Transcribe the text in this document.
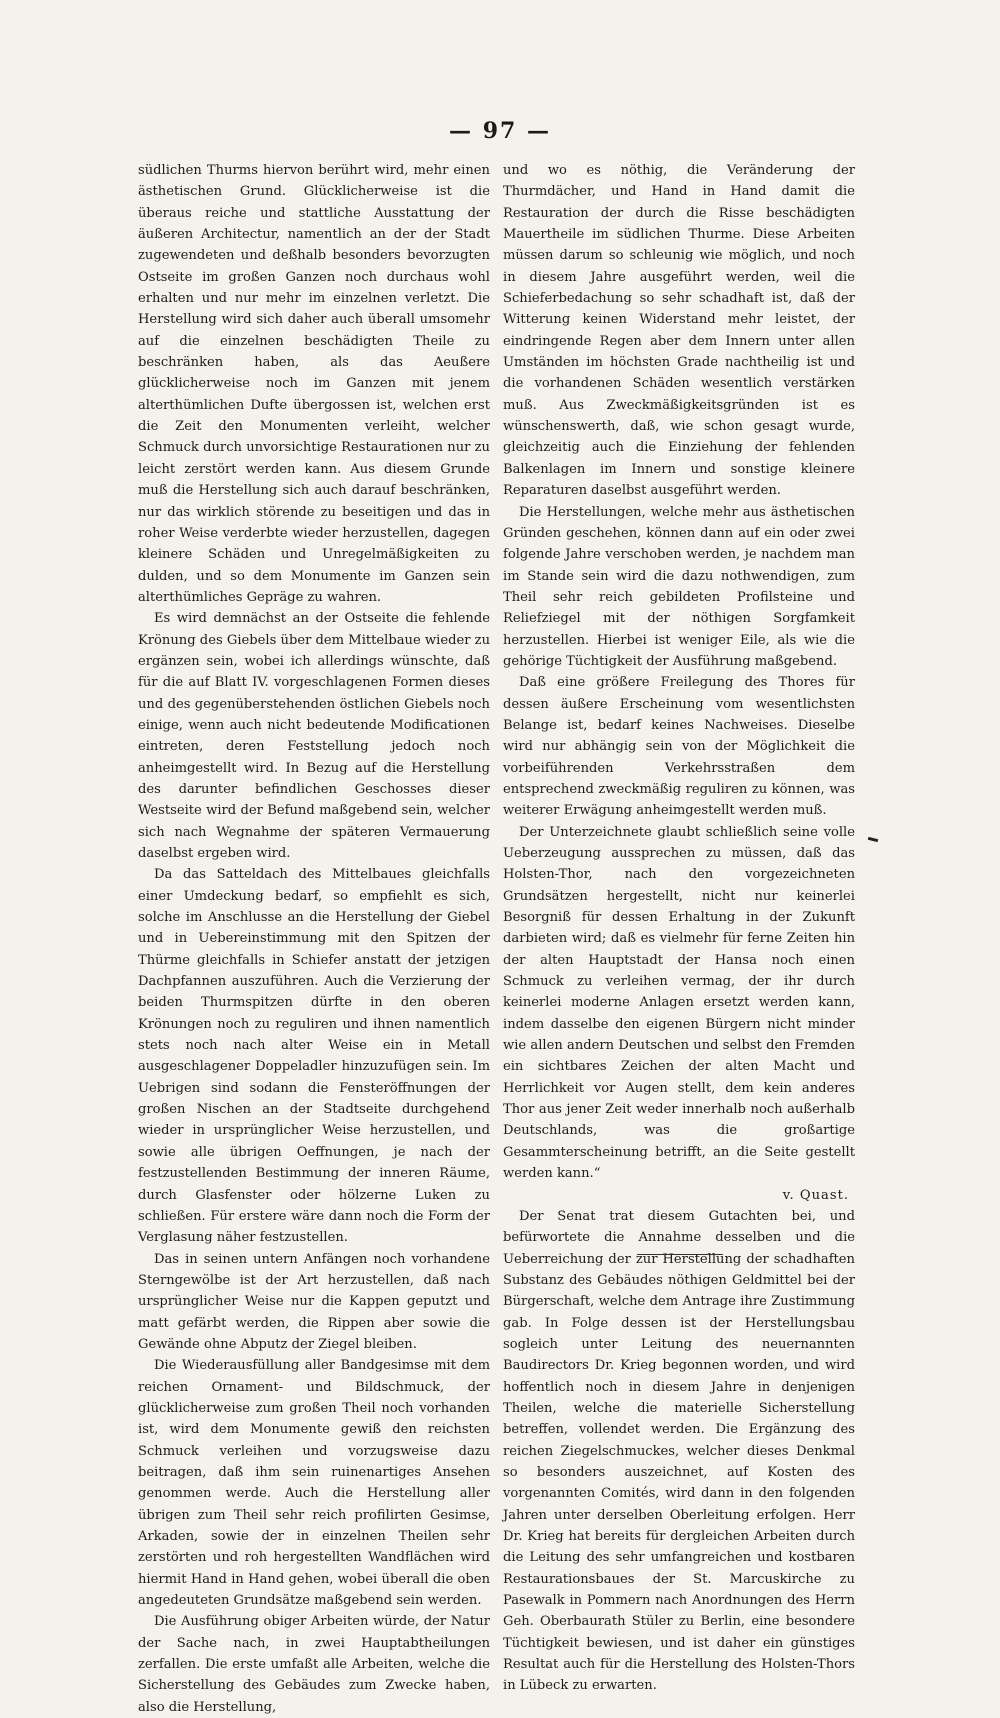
— 97 —

südlichen Thurms hiervon berührt wird, mehr einen ästhetischen Grund. Glücklicherweise ist die überaus reiche und stattliche Ausstattung der äußeren Architectur, namentlich an der der Stadt zugewendeten und deßhalb besonders bevorzugten Ostseite im großen Ganzen noch durchaus wohl erhalten und nur mehr im einzelnen verletzt. Die Herstellung wird sich daher auch überall umsomehr auf die einzelnen beschädigten Theile zu beschränken haben, als das Aeußere glücklicherweise noch im Ganzen mit jenem alterthümlichen Dufte übergossen ist, welchen erst die Zeit den Monumenten verleiht, welcher Schmuck durch unvorsichtige Restaurationen nur zu leicht zerstört werden kann. Aus diesem Grunde muß die Herstellung sich auch darauf beschränken, nur das wirklich störende zu beseitigen und das in roher Weise verderbte wieder herzustellen, dagegen kleinere Schäden und Unregelmäßigkeiten zu dulden, und so dem Monumente im Ganzen sein alterthümliches Gepräge zu wahren.

Es wird demnächst an der Ostseite die fehlende Krönung des Giebels über dem Mittelbaue wieder zu ergänzen sein, wobei ich allerdings wünschte, daß für die auf Blatt IV. vorgeschlagenen Formen dieses und des gegenüberstehenden östlichen Giebels noch einige, wenn auch nicht bedeutende Modificationen eintreten, deren Feststellung jedoch noch anheimgestellt wird. In Bezug auf die Herstellung des darunter befindlichen Geschosses dieser Westseite wird der Befund maßgebend sein, welcher sich nach Wegnahme der späteren Vermauerung daselbst ergeben wird.

Da das Satteldach des Mittelbaues gleichfalls einer Umdeckung bedarf, so empfiehlt es sich, solche im Anschlusse an die Herstellung der Giebel und in Uebereinstimmung mit den Spitzen der Thürme gleichfalls in Schiefer anstatt der jetzigen Dachpfannen auszuführen. Auch die Verzierung der beiden Thurmspitzen dürfte in den oberen Krönungen noch zu reguliren und ihnen namentlich stets noch nach alter Weise ein in Metall ausgeschlagener Doppeladler hinzuzufügen sein. Im Uebrigen sind sodann die Fensteröffnungen der großen Nischen an der Stadtseite durchgehend wieder in ursprünglicher Weise herzustellen, und sowie alle übrigen Oeffnungen, je nach der festzustellenden Bestimmung der inneren Räume, durch Glasfenster oder hölzerne Luken zu schließen. Für erstere wäre dann noch die Form der Verglasung näher festzustellen.

Das in seinen untern Anfängen noch vorhandene Sterngewölbe ist der Art herzustellen, daß nach ursprünglicher Weise nur die Kappen geputzt und matt gefärbt werden, die Rippen aber sowie die Gewände ohne Abputz der Ziegel bleiben.

Die Wiederausfüllung aller Bandgesimse mit dem reichen Ornament- und Bildschmuck, der glücklicherweise zum großen Theil noch vorhanden ist, wird dem Monumente gewiß den reichsten Schmuck verleihen und vorzugsweise dazu beitragen, daß ihm sein ruinenartiges Ansehen genommen werde. Auch die Herstellung aller übrigen zum Theil sehr reich profilirten Gesimse, Arkaden, sowie der in einzelnen Theilen sehr zerstörten und roh hergestellten Wandflächen wird hiermit Hand in Hand gehen, wobei überall die oben angedeuteten Grundsätze maßgebend sein werden.

Die Ausführung obiger Arbeiten würde, der Natur der Sache nach, in zwei Hauptabtheilungen zerfallen. Die erste umfaßt alle Arbeiten, welche die Sicherstellung des Gebäudes zum Zwecke haben, also die Herstellung,

und wo es nöthig, die Veränderung der Thurmdächer, und Hand in Hand damit die Restauration der durch die Risse beschädigten Mauertheile im südlichen Thurme. Diese Arbeiten müssen darum so schleunig wie möglich, und noch in diesem Jahre ausgeführt werden, weil die Schieferbedachung so sehr schadhaft ist, daß der Witterung keinen Widerstand mehr leistet, der eindringende Regen aber dem Innern unter allen Umständen im höchsten Grade nachtheilig ist und die vorhandenen Schäden wesentlich verstärken muß. Aus Zweckmäßigkeitsgründen ist es wünschenswerth, daß, wie schon gesagt wurde, gleichzeitig auch die Einziehung der fehlenden Balkenlagen im Innern und sonstige kleinere Reparaturen daselbst ausgeführt werden.

Die Herstellungen, welche mehr aus ästhetischen Gründen geschehen, können dann auf ein oder zwei folgende Jahre verschoben werden, je nachdem man im Stande sein wird die dazu nothwendigen, zum Theil sehr reich gebildeten Profilsteine und Reliefziegel mit der nöthigen Sorgfamkeit herzustellen. Hierbei ist weniger Eile, als wie die gehörige Tüchtigkeit der Ausführung maßgebend.

Daß eine größere Freilegung des Thores für dessen äußere Erscheinung vom wesentlichsten Belange ist, bedarf keines Nachweises. Dieselbe wird nur abhängig sein von der Möglichkeit die vorbeiführenden Verkehrsstraßen dem entsprechend zweckmäßig reguliren zu können, was weiterer Erwägung anheimgestellt werden muß.

Der Unterzeichnete glaubt schließlich seine volle Ueberzeugung aussprechen zu müssen, daß das Holsten-Thor, nach den vorgezeichneten Grundsätzen hergestellt, nicht nur keinerlei Besorgniß für dessen Erhaltung in der Zukunft darbieten wird; daß es vielmehr für ferne Zeiten hin der alten Hauptstadt der Hansa noch einen Schmuck zu verleihen vermag, der ihr durch keinerlei moderne Anlagen ersetzt werden kann, indem dasselbe den eigenen Bürgern nicht minder wie allen andern Deutschen und selbst den Fremden ein sichtbares Zeichen der alten Macht und Herrlichkeit vor Augen stellt, dem kein anderes Thor aus jener Zeit weder innerhalb noch außerhalb Deutschlands, was die großartige Gesammterscheinung betrifft, an die Seite gestellt werden kann.“

v. Quast.

Der Senat trat diesem Gutachten bei, und befürwortete die Annahme desselben und die Ueberreichung der zur Herstellung der schadhaften Substanz des Gebäudes nöthigen Geldmittel bei der Bürgerschaft, welche dem Antrage ihre Zustimmung gab. In Folge dessen ist der Herstellungsbau sogleich unter Leitung des neuernannten Baudirectors Dr. Krieg begonnen worden, und wird hoffentlich noch in diesem Jahre in denjenigen Theilen, welche die materielle Sicherstellung betreffen, vollendet werden. Die Ergänzung des reichen Ziegelschmuckes, welcher dieses Denkmal so besonders auszeichnet, auf Kosten des vorgenannten Comités, wird dann in den folgenden Jahren unter derselben Oberleitung erfolgen. Herr Dr. Krieg hat bereits für dergleichen Arbeiten durch die Leitung des sehr umfangreichen und kostbaren Restaurationsbaues der St. Marcuskirche zu Pasewalk in Pommern nach Anordnungen des Herrn Geh. Oberbaurath Stüler zu Berlin, eine besondere Tüchtigkeit bewiesen, und ist daher ein günstiges Resultat auch für die Herstellung des Holsten-Thors in Lübeck zu erwarten.
